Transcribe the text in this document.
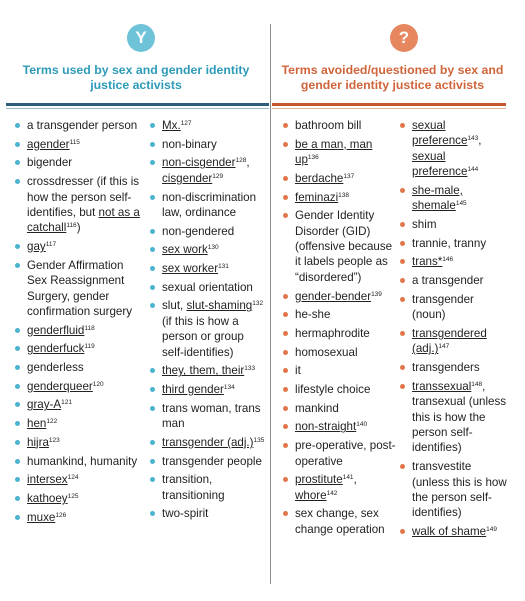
Y	?
Terms used by sex and gender identity
justice activists
Terms avoided/questioned by sex and
gender identity justice activists
a transgender person
agender$^{115}$
bigender
crossdresser (if this is how the person self-identifies, but not as a catchall$^{116}$)
gay$^{117}$
Gender Affirmation Sex Reassignment Surgery, gender confirmation surgery
genderfluid$^{118}$
genderfuck$^{119}$
genderless
genderqueer$^{120}$
gray-$A^{121}$
hen$^{122}$
hijra$^{123}$
humankind, humanity
intersex$^{124}$
kathoey$^{125}$
muxe$^{126}$
Mx.$^{127}$
non-binary
non-cisgender$^{128}$, cisgender$^{129}$
non-discrimination law, ordinance
non-gendered
sex work$^{130}$
sex worker$^{131}$
sexual orientation
slut, slut-shaming$^{132}$ (if this is how a person or group self-identifies)
they, them, their$^{133}$
third gender$^{134}$
trans woman, trans man
transgender $(adj.)^{135}$
transgender people
transition, transitioning
two-spirit
bathroom bill
be a man, man $up^{136}$
berdache$^{137}$
feminazi$^{138}$
Gender Identity Disorder (GID) (offensive because it labels people as “disordered”)
gender-bender$^{139}$
he-she
hermaphrodite
homosexual
it
lifestyle choice
mankind
non-straight$^{140}$
pre-operative, post-operative
prostitute$^{141}$, whore$^{142}$
sex change, sex change operation
sexual preference$^{143}$, sexual preference$^{144}$
she-male, shemale$^{145}$
shim
trannie, tranny
trans*$^{146}$
a transgender
transgender (noun)
transgendered $(adj.)^{147}$
transgenders
transsexual$^{148}$, transexual (unless this is how the person self-identifies)
transvestite (unless this is how the person self-identifies)
walk of shame$^{149}$
